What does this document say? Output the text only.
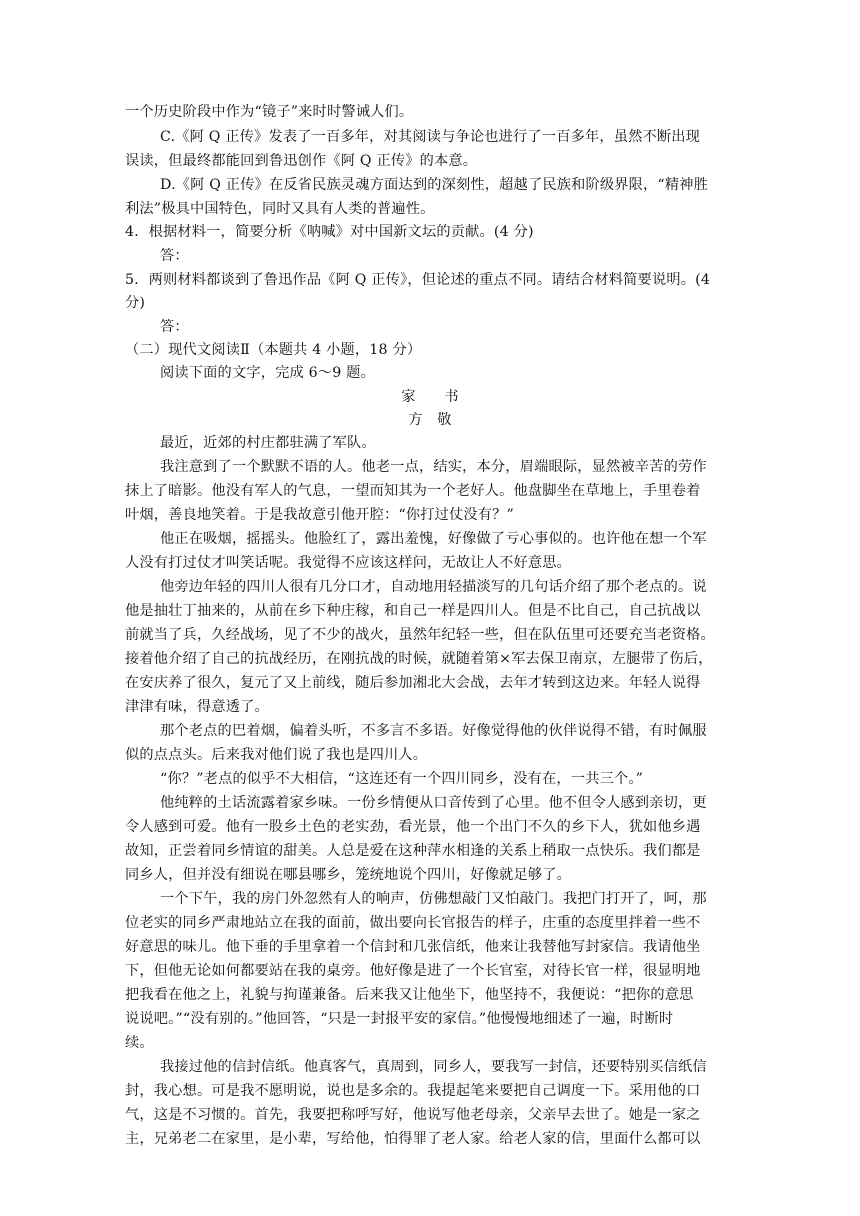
一个历史阶段中作为“镜子”来时时警诫人们。
C.《阿 Q 正传》发表了一百多年，对其阅读与争论也进行了一百多年，虽然不断出现
误读，但最终都能回到鲁迅创作《阿 Q 正传》的本意。
D.《阿 Q 正传》在反省民族灵魂方面达到的深刻性，超越了民族和阶级界限，“精神胜
利法”极具中国特色，同时又具有人类的普遍性。
4．根据材料一，简要分析《呐喊》对中国新文坛的贡献。(4 分)
答：
5．两则材料都谈到了鲁迅作品《阿 Q 正传》，但论述的重点不同。请结合材料简要说明。(4
分)
答：
（二）现代文阅读Ⅱ（本题共 4 小题，18 分）
阅读下面的文字，完成 6～9 题。
家　　书
方　敬
最近，近郊的村庄都驻满了军队。
我注意到了一个默默不语的人。他老一点，结实，本分，眉端眼际，显然被辛苦的劳作
抹上了暗影。他没有军人的气息，一望而知其为一个老好人。他盘脚坐在草地上，手里卷着
叶烟，善良地笑着。于是我故意引他开腔：“你打过仗没有？”
他正在吸烟，摇摇头。他脸红了，露出羞愧，好像做了亏心事似的。也许他在想一个军
人没有打过仗才叫笑话呢。我觉得不应该这样问，无故让人不好意思。
他旁边年轻的四川人很有几分口才，自动地用轻描淡写的几句话介绍了那个老点的。说
他是抽壮丁抽来的，从前在乡下种庄稼，和自己一样是四川人。但是不比自己，自己抗战以
前就当了兵，久经战场，见了不少的战火，虽然年纪轻一些，但在队伍里可还要充当老资格。
接着他介绍了自己的抗战经历，在刚抗战的时候，就随着第×军去保卫南京，左腿带了伤后，
在安庆养了很久，复元了又上前线，随后参加湘北大会战，去年才转到这边来。年轻人说得
津津有味，得意透了。
那个老点的巴着烟，偏着头听，不多言不多语。好像觉得他的伙伴说得不错，有时佩服
似的点点头。后来我对他们说了我也是四川人。
“你？”老点的似乎不大相信，“这连还有一个四川同乡，没有在，一共三个。”
他纯粹的土话流露着家乡味。一份乡情便从口音传到了心里。他不但令人感到亲切，更
令人感到可爱。他有一股乡土色的老实劲，看光景，他一个出门不久的乡下人，犹如他乡遇
故知，正尝着同乡情谊的甜美。人总是爱在这种萍水相逢的关系上稍取一点快乐。我们都是
同乡人，但并没有细说在哪县哪乡，笼统地说个四川，好像就足够了。
一个下午，我的房门外忽然有人的响声，仿佛想敲门又怕敲门。我把门打开了，呵，那
位老实的同乡严肃地站立在我的面前，做出要向长官报告的样子，庄重的态度里拌着一些不
好意思的味儿。他下垂的手里拿着一个信封和几张信纸，他来让我替他写封家信。我请他坐
下，但他无论如何都要站在我的桌旁。他好像是进了一个长官室，对待长官一样，很显明地
把我看在他之上，礼貌与拘谨兼备。后来我又让他坐下，他坚持不，我便说：“把你的意思
说说吧。”“没有别的。”他回答，“只是一封报平安的家信。”他慢慢地细述了一遍，时断时
续。
我接过他的信封信纸。他真客气，真周到，同乡人，要我写一封信，还要特别买信纸信
封，我心想。可是我不愿明说，说也是多余的。我提起笔来要把自己调度一下。采用他的口
气，这是不习惯的。首先，我要把称呼写好，他说写他老母亲，父亲早去世了。她是一家之
主，兄弟老二在家里，是小辈，写给他，怕得罪了老人家。给老人家的信，里面什么都可以
